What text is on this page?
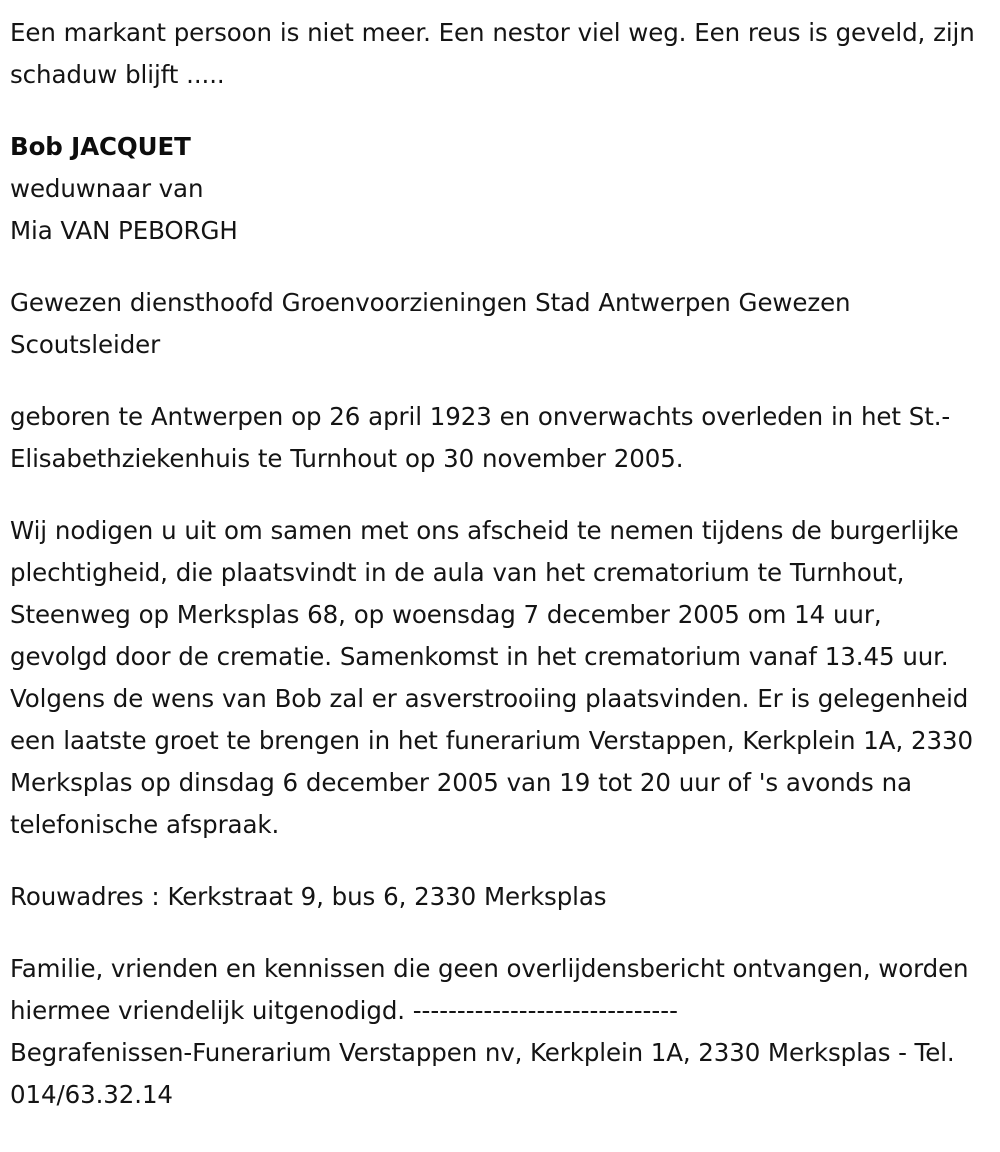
Een markant persoon is niet meer. Een nestor viel weg. Een reus is geveld, zijn schaduw blijft .....

Bob JACQUET

weduwnaar van

Mia VAN PEBORGH

Gewezen diensthoofd Groenvoorzieningen Stad Antwerpen Gewezen Scoutsleider

geboren te Antwerpen op 26 april 1923 en onverwachts overleden in het St.-Elisabethziekenhuis te Turnhout op 30 november 2005.

Wij nodigen u uit om samen met ons afscheid te nemen tijdens de burgerlijke plechtigheid, die plaatsvindt in de aula van het crematorium te Turnhout, Steenweg op Merksplas 68, op woensdag 7 december 2005 om 14 uur, gevolgd door de crematie. Samenkomst in het crematorium vanaf 13.45 uur. Volgens de wens van Bob zal er asverstrooiing plaatsvinden. Er is gelegenheid een laatste groet te brengen in het funerarium Verstappen, Kerkplein 1A, 2330 Merksplas op dinsdag 6 december 2005 van 19 tot 20 uur of 's avonds na telefonische afspraak.

Rouwadres : Kerkstraat 9, bus 6, 2330 Merksplas

Familie, vrienden en kennissen die geen overlijdensbericht ontvangen, worden hiermee vriendelijk uitgenodigd. ------------------------------
Begrafenissen-Funerarium Verstappen nv, Kerkplein 1A, 2330 Merksplas - Tel. 014/63.32.14
